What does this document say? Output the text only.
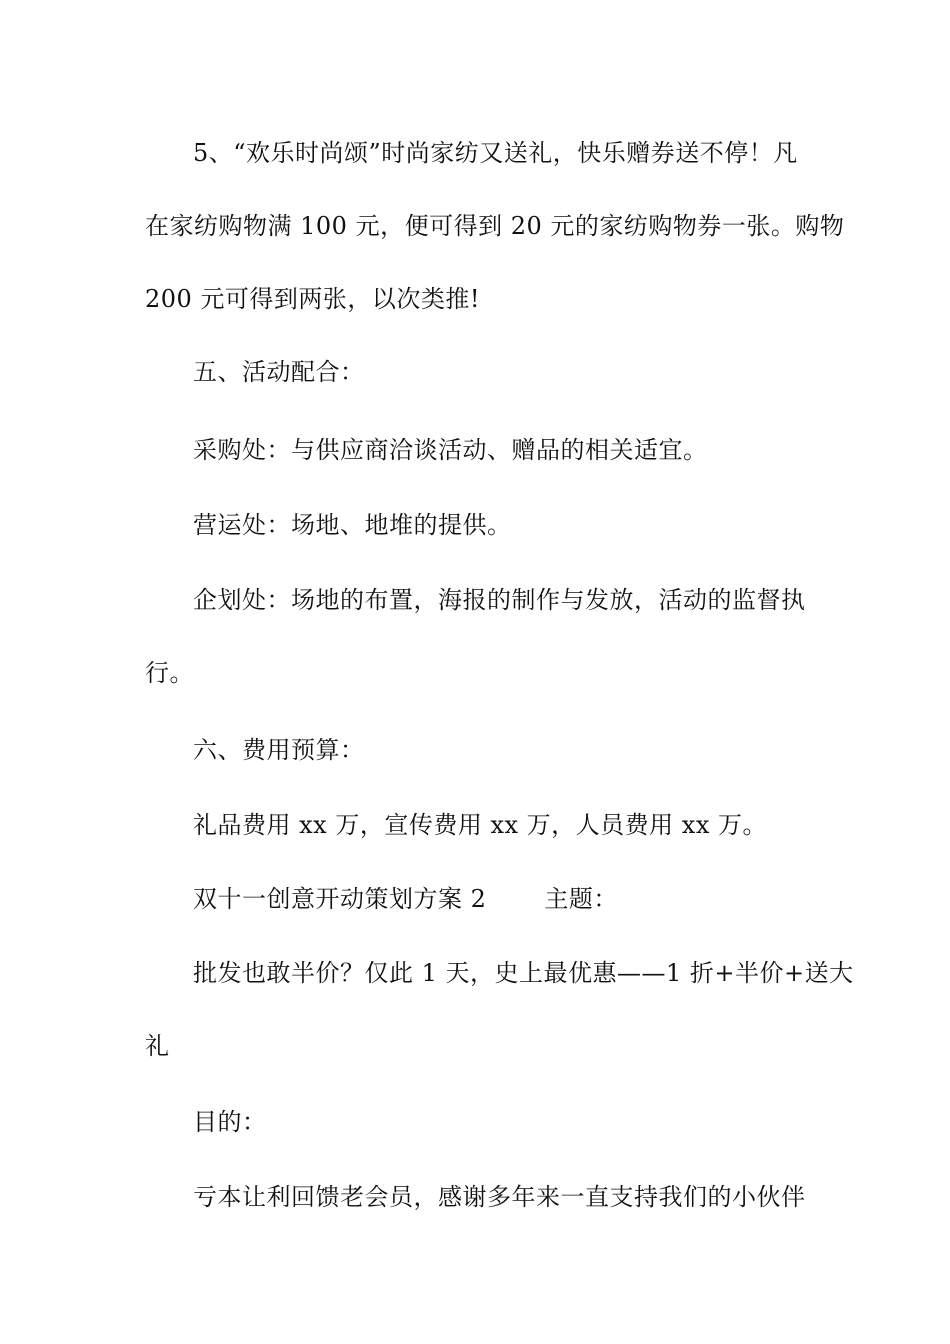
5、“欢乐时尚颂”时尚家纺又送礼，快乐赠券送不停！凡
在家纺购物满 100 元，便可得到 20 元的家纺购物券一张。购物
200 元可得到两张，以次类推!
五、活动配合：
采购处：与供应商洽谈活动、赠品的相关适宜。
营运处：场地、地堆的提供。
企划处：场地的布置，海报的制作与发放，活动的监督执
行。
六、费用预算：
礼品费用 xx 万，宣传费用 xx 万，人员费用 xx 万。
双十一创意开动策划方案 2 主题：
批发也敢半价？仅此 1 天，史上最优惠——1 折+半价+送大
礼
目的：
亏本让利回馈老会员，感谢多年来一直支持我们的小伙伴
